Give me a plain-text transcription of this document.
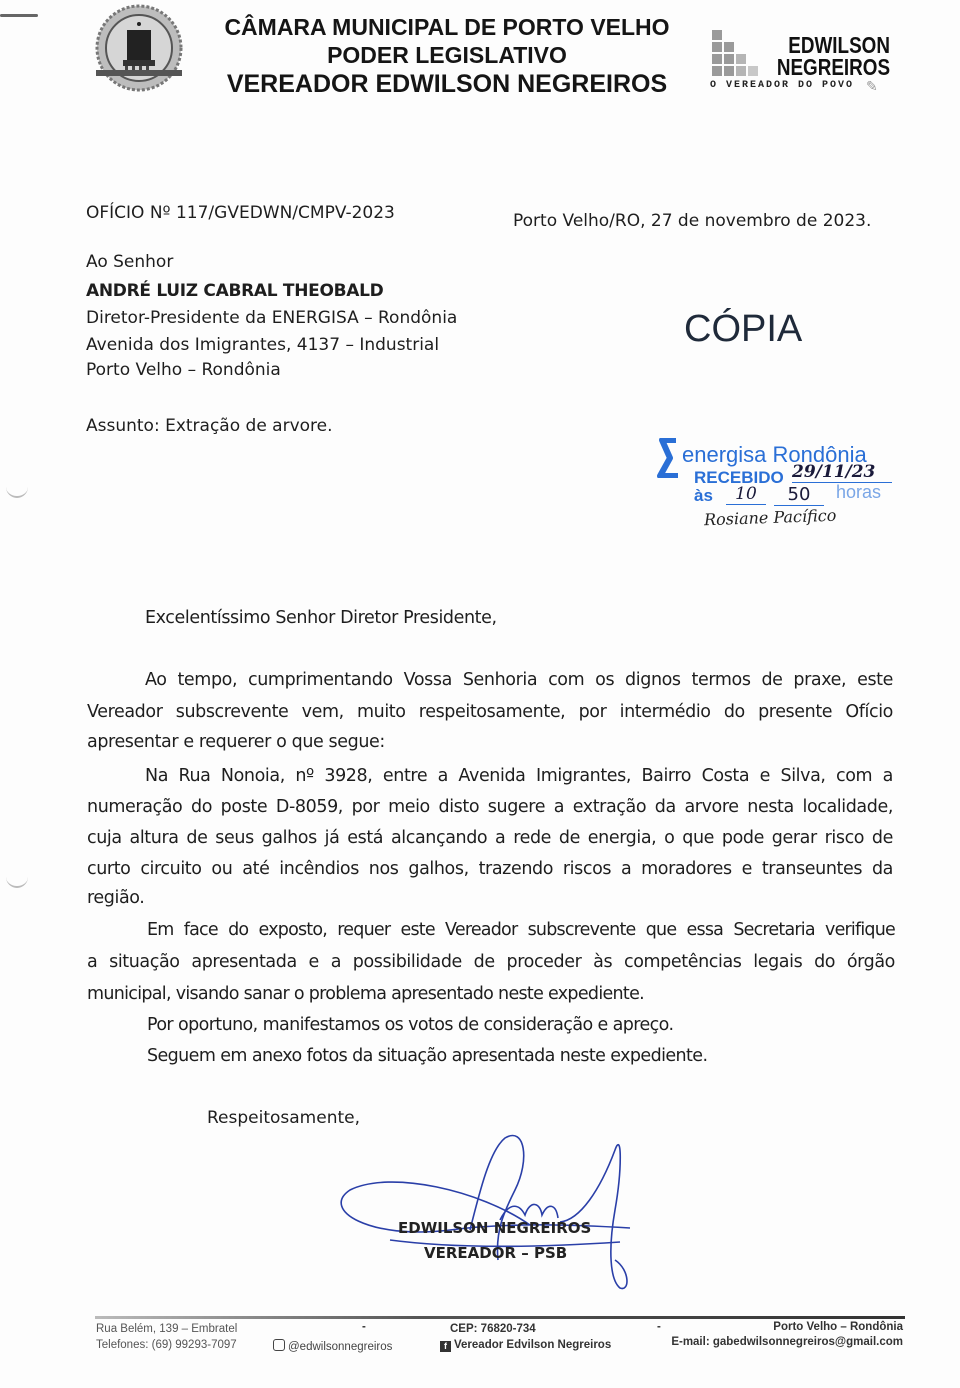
CÂMARA MUNICIPAL DE PORTO VELHO
PODER LEGISLATIVO
VEREADOR EDWILSON NEGREIROS
EDWILSON
NEGREIROS
O VEREADOR DO POVO ✎
OFÍCIO Nº 117/GVEDWN/CMPV-2023	Porto Velho/RO, 27 de novembro de 2023.
Ao Senhor
ANDRÉ LUIZ CABRAL THEOBALD
Diretor-Presidente da ENERGISA – Rondônia
Avenida dos Imigrantes, 4137 – Industrial
Porto Velho – Rondônia
CÓPIA
Assunto: Extração de arvore.
energisa Rondônia
RECEBIDO 29/11/23
às	10	50	horas
Rosiane Pacífico
Excelentíssimo Senhor Diretor Presidente,
Ao tempo, cumprimentando Vossa Senhoria com os dignos termos de praxe, este
Vereador subscrevente vem, muito respeitosamente, por intermédio do presente Ofício
apresentar e requerer o que segue:
Na Rua Nonoia, nº 3928, entre a Avenida Imigrantes, Bairro Costa e Silva, com a
numeração do poste D-8059, por meio disto sugere a extração da arvore nesta localidade,
cuja altura de seus galhos já está alcançando a rede de energia, o que pode gerar risco de
curto circuito ou até incêndios nos galhos, trazendo riscos a moradores e transeuntes da
região.
Em face do exposto, requer este Vereador subscrevente que essa Secretaria verifique
a situação apresentada e a possibilidade de proceder às competências legais do órgão
municipal, visando sanar o problema apresentado neste expediente.
Por oportuno, manifestamos os votos de consideração e apreço.
Seguem em anexo fotos da situação apresentada neste expediente.
Respeitosamente,
EDWILSON NEGREIROS
VEREADOR – PSB
Rua Belém, 139 – Embratel
Telefones: (69) 99293-7097
-
@edwilsonnegreiros
CEP: 76820-734
f Vereador Edvilson Negreiros
-	Porto Velho – Rondônia
E-mail: gabedwilsonnegreiros@gmail.com
